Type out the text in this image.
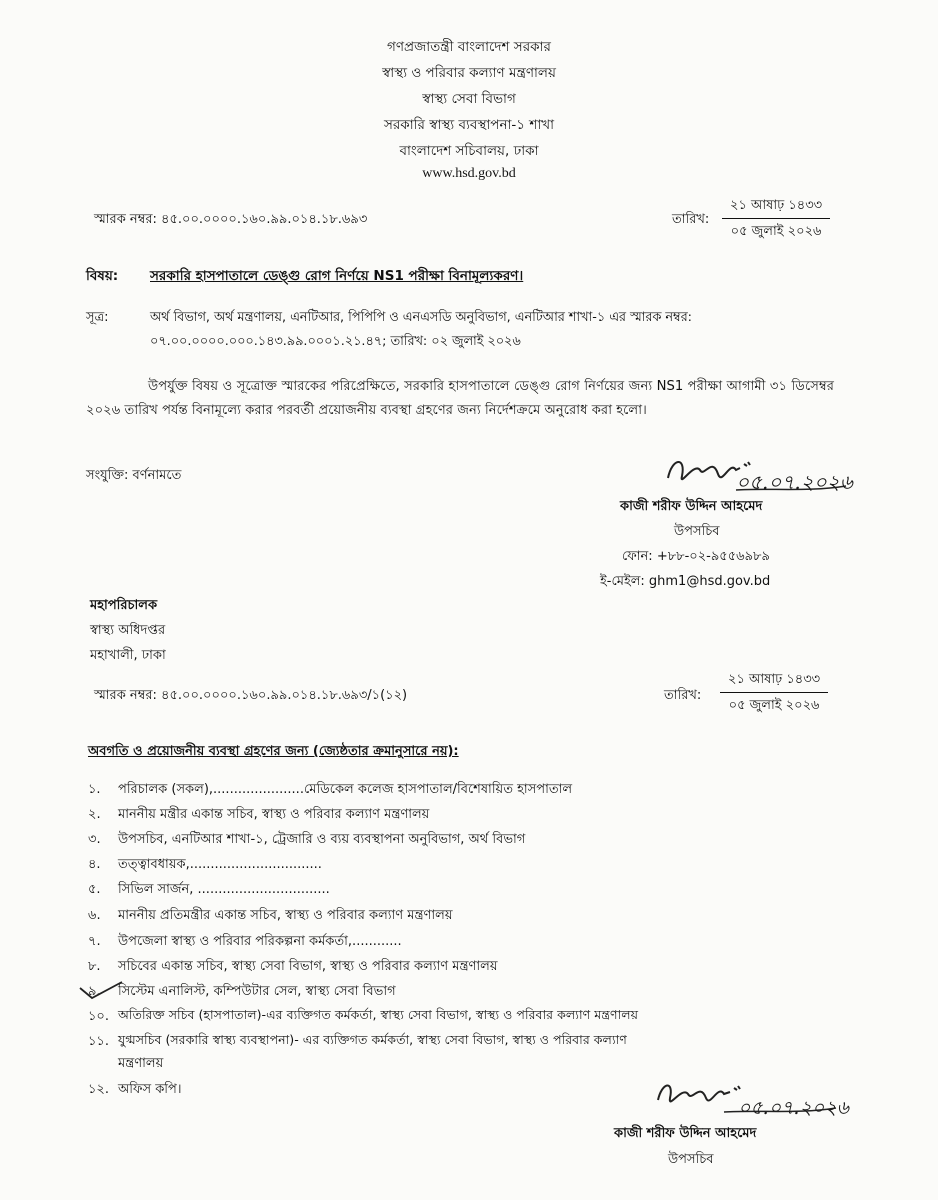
গণপ্রজাতন্ত্রী বাংলাদেশ সরকার
স্বাস্থ্য ও পরিবার কল্যাণ মন্ত্রণালয়
স্বাস্থ্য সেবা বিভাগ
সরকারি স্বাস্থ্য ব্যবস্থাপনা-১ শাখা
বাংলাদেশ সচিবালয়, ঢাকা
www.hsd.gov.bd
স্মারক নম্বর: ৪৫.০০.০০০০.১৬০.৯৯.০১৪.১৮.৬৯৩	তারিখ:
২১ আষাঢ় ১৪৩৩
০৫ জুলাই ২০২৬
বিষয়: সরকারি হাসপাতালে ডেঙ্গু রোগ নির্ণয়ে NS1 পরীক্ষা বিনামূল্যকরণ।
সূত্র:	অর্থ বিভাগ, অর্থ মন্ত্রণালয়, এনটিআর, পিপিপি ও এনএসডি অনুবিভাগ, এনটিআর শাখা-১ এর স্মারক নম্বর:
০৭.০০.০০০০.০০০.১৪৩.৯৯.০০০১.২১.৪৭; তারিখ: ০২ জুলাই ২০২৬
উপর্যুক্ত বিষয় ও সূত্রোক্ত স্মারকের পরিপ্রেক্ষিতে, সরকারি হাসপাতালে ডেঙ্গু রোগ নির্ণয়ের জন্য NS1 পরীক্ষা আগামী ৩১ ডিসেম্বর ২০২৬ তারিখ পর্যন্ত বিনামূল্যে করার পরবর্তী প্রয়োজনীয় ব্যবস্থা গ্রহণের জন্য নির্দেশক্রমে অনুরোধ করা হলো।
সংযুক্তি: বর্ণনামতে	০৫.০৭.২০২৬
কাজী শরীফ উদ্দিন আহমেদ
উপসচিব
ফোন: +৮৮-০২-৯৫৫৬৯৮৯
ই-মেইল: ghm1@hsd.gov.bd
মহাপরিচালক
স্বাস্থ্য অধিদপ্তর
মহাখালী, ঢাকা
স্মারক নম্বর: ৪৫.০০.০০০০.১৬০.৯৯.০১৪.১৮.৬৯৩/১(১২)	তারিখ:
২১ আষাঢ় ১৪৩৩
০৫ জুলাই ২০২৬
অবগতি ও প্রয়োজনীয় ব্যবস্থা গ্রহণের জন্য (জ্যেষ্ঠতার ক্রমানুসারে নয়):
১. পরিচালক (সকল),......................মেডিকেল কলেজ হাসপাতাল/বিশেষায়িত হাসপাতাল
২. মাননীয় মন্ত্রীর একান্ত সচিব, স্বাস্থ্য ও পরিবার কল্যাণ মন্ত্রণালয়
৩. উপসচিব, এনটিআর শাখা-১, ট্রেজারি ও ব্যয় ব্যবস্থাপনা অনুবিভাগ, অর্থ বিভাগ
৪. তত্ত্বাবধায়ক,................................
৫. সিভিল সার্জন, ................................
৬. মাননীয় প্রতিমন্ত্রীর একান্ত সচিব, স্বাস্থ্য ও পরিবার কল্যাণ মন্ত্রণালয়
৭. উপজেলা স্বাস্থ্য ও পরিবার পরিকল্পনা কর্মকর্তা,............
৮. সচিবের একান্ত সচিব, স্বাস্থ্য সেবা বিভাগ, স্বাস্থ্য ও পরিবার কল্যাণ মন্ত্রণালয়
৯. সিস্টেম এনালিস্ট, কম্পিউটার সেল, স্বাস্থ্য সেবা বিভাগ
১০. অতিরিক্ত সচিব (হাসপাতাল)-এর ব্যক্তিগত কর্মকর্তা, স্বাস্থ্য সেবা বিভাগ, স্বাস্থ্য ও পরিবার কল্যাণ মন্ত্রণালয়
১১. যুগ্মসচিব (সরকারি স্বাস্থ্য ব্যবস্থাপনা)- এর ব্যক্তিগত কর্মকর্তা, স্বাস্থ্য সেবা বিভাগ, স্বাস্থ্য ও পরিবার কল্যাণ
মন্ত্রণালয়
১২. অফিস কপি।
০৫.০৭.২০২৬
কাজী শরীফ উদ্দিন আহমেদ
উপসচিব
